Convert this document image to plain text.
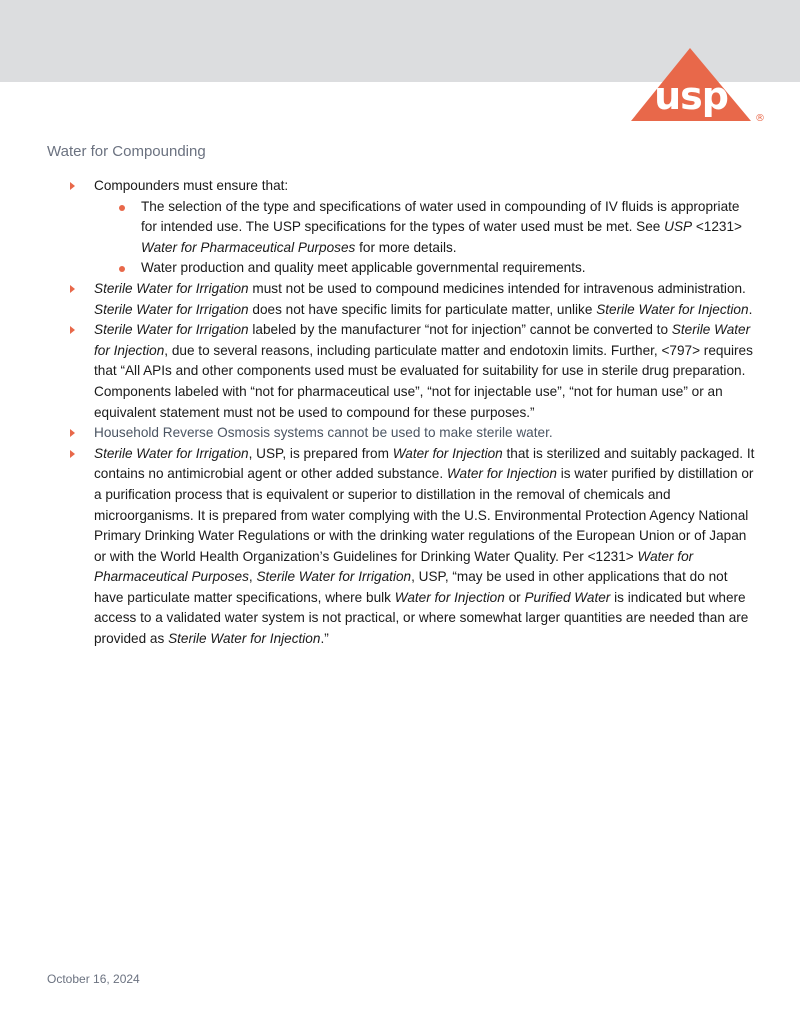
usp
®
Water for Compounding
Compounders must ensure that:
The selection of the type and specifications of water used in compounding of IV fluids is appropriate for intended use. The USP specifications for the types of water used must be met. See USP <1231> Water for Pharmaceutical Purposes for more details.
Water production and quality meet applicable governmental requirements.
Sterile Water for Irrigation must not be used to compound medicines intended for intravenous administration. Sterile Water for Irrigation does not have specific limits for particulate matter, unlike Sterile Water for Injection.
Sterile Water for Irrigation labeled by the manufacturer “not for injection” cannot be converted to Sterile Water for Injection, due to several reasons, including particulate matter and endotoxin limits. Further, <797> requires that “All APIs and other components used must be evaluated for suitability for use in sterile drug preparation. Components labeled with “not for pharmaceutical use”, “not for injectable use”, “not for human use” or an equivalent statement must not be used to compound for these purposes.”
Household Reverse Osmosis systems cannot be used to make sterile water.
Sterile Water for Irrigation, USP, is prepared from Water for Injection that is sterilized and suitably packaged. It contains no antimicrobial agent or other added substance. Water for Injection is water purified by distillation or a purification process that is equivalent or superior to distillation in the removal of chemicals and microorganisms. It is prepared from water complying with the U.S. Environmental Protection Agency National Primary Drinking Water Regulations or with the drinking water regulations of the European Union or of Japan or with the World Health Organization’s Guidelines for Drinking Water Quality. Per <1231> Water for Pharmaceutical Purposes, Sterile Water for Irrigation, USP, “may be used in other applications that do not have particulate matter specifications, where bulk Water for Injection or Purified Water is indicated but where access to a validated water system is not practical, or where somewhat larger quantities are needed than are provided as Sterile Water for Injection.”
October 16, 2024
